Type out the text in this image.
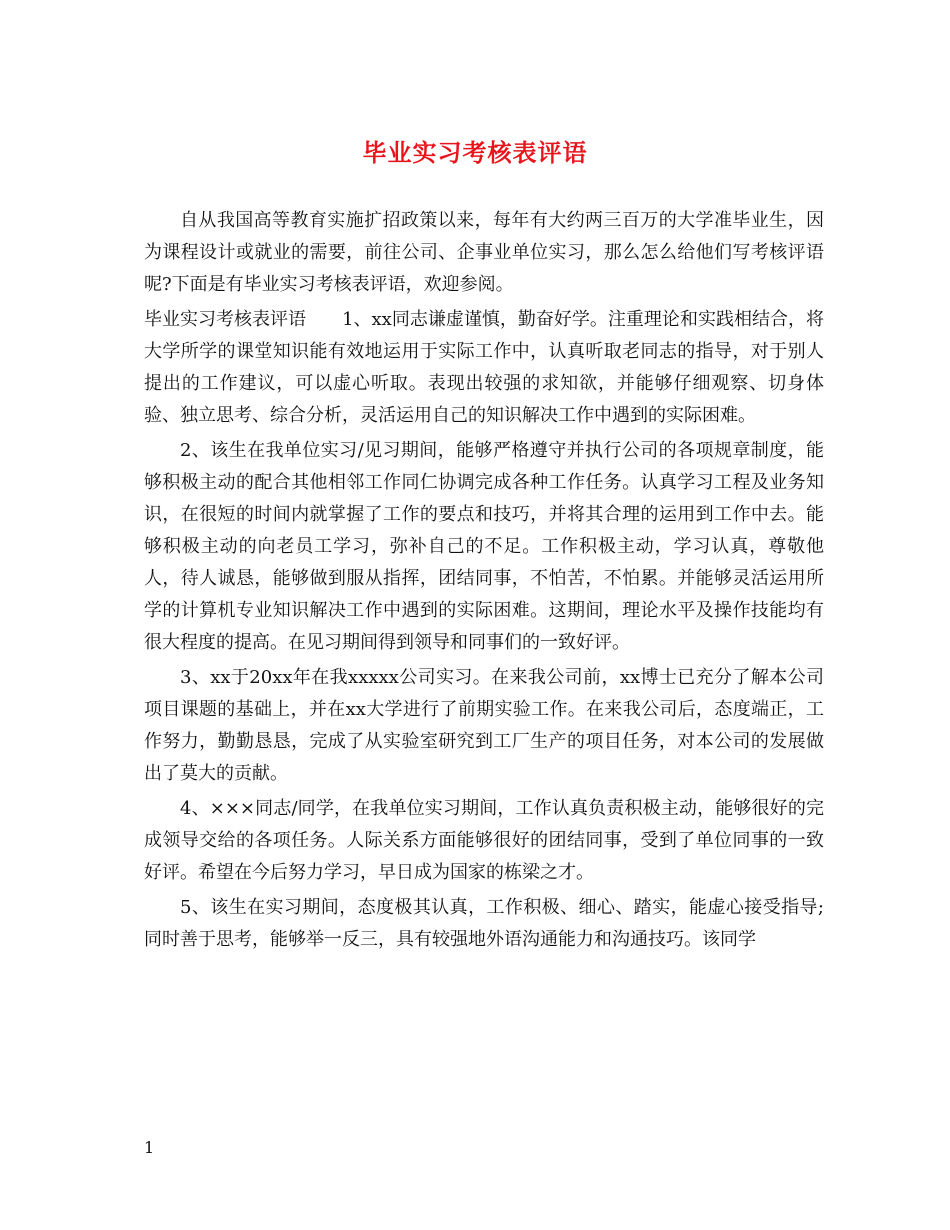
毕业实习考核表评语

自从我国高等教育实施扩招政策以来，每年有大约两三百万的大学准毕业生，因为课程设计或就业的需要，前往公司、企事业单位实习，那么怎么给他们写考核评语呢?下面是有毕业实习考核表评语，欢迎参阅。

毕业实习考核表评语 1、xx同志谦虚谨慎，勤奋好学。注重理论和实践相结合，将大学所学的课堂知识能有效地运用于实际工作中，认真听取老同志的指导，对于别人提出的工作建议，可以虚心听取。表现出较强的求知欲，并能够仔细观察、切身体验、独立思考、综合分析，灵活运用自己的知识解决工作中遇到的实际困难。

2、该生在我单位实习/见习期间，能够严格遵守并执行公司的各项规章制度，能够积极主动的配合其他相邻工作同仁协调完成各种工作任务。认真学习工程及业务知识，在很短的时间内就掌握了工作的要点和技巧，并将其合理的运用到工作中去。能够积极主动的向老员工学习，弥补自己的不足。工作积极主动，学习认真，尊敬他人，待人诚恳，能够做到服从指挥，团结同事，不怕苦，不怕累。并能够灵活运用所学的计算机专业知识解决工作中遇到的实际困难。这期间，理论水平及操作技能均有很大程度的提高。在见习期间得到领导和同事们的一致好评。

3、xx于20xx年在我xxxxx公司实习。在来我公司前，xx博士已充分了解本公司项目课题的基础上，并在xx大学进行了前期实验工作。在来我公司后，态度端正，工作努力，勤勤恳恳，完成了从实验室研究到工厂生产的项目任务，对本公司的发展做出了莫大的贡献。

4、×××同志/同学，在我单位实习期间，工作认真负责积极主动，能够很好的完成领导交给的各项任务。人际关系方面能够很好的团结同事，受到了单位同事的一致好评。希望在今后努力学习，早日成为国家的栋梁之才。

5、该生在实习期间，态度极其认真，工作积极、细心、踏实，能虚心接受指导;同时善于思考，能够举一反三，具有较强地外语沟通能力和沟通技巧。该同学

1
